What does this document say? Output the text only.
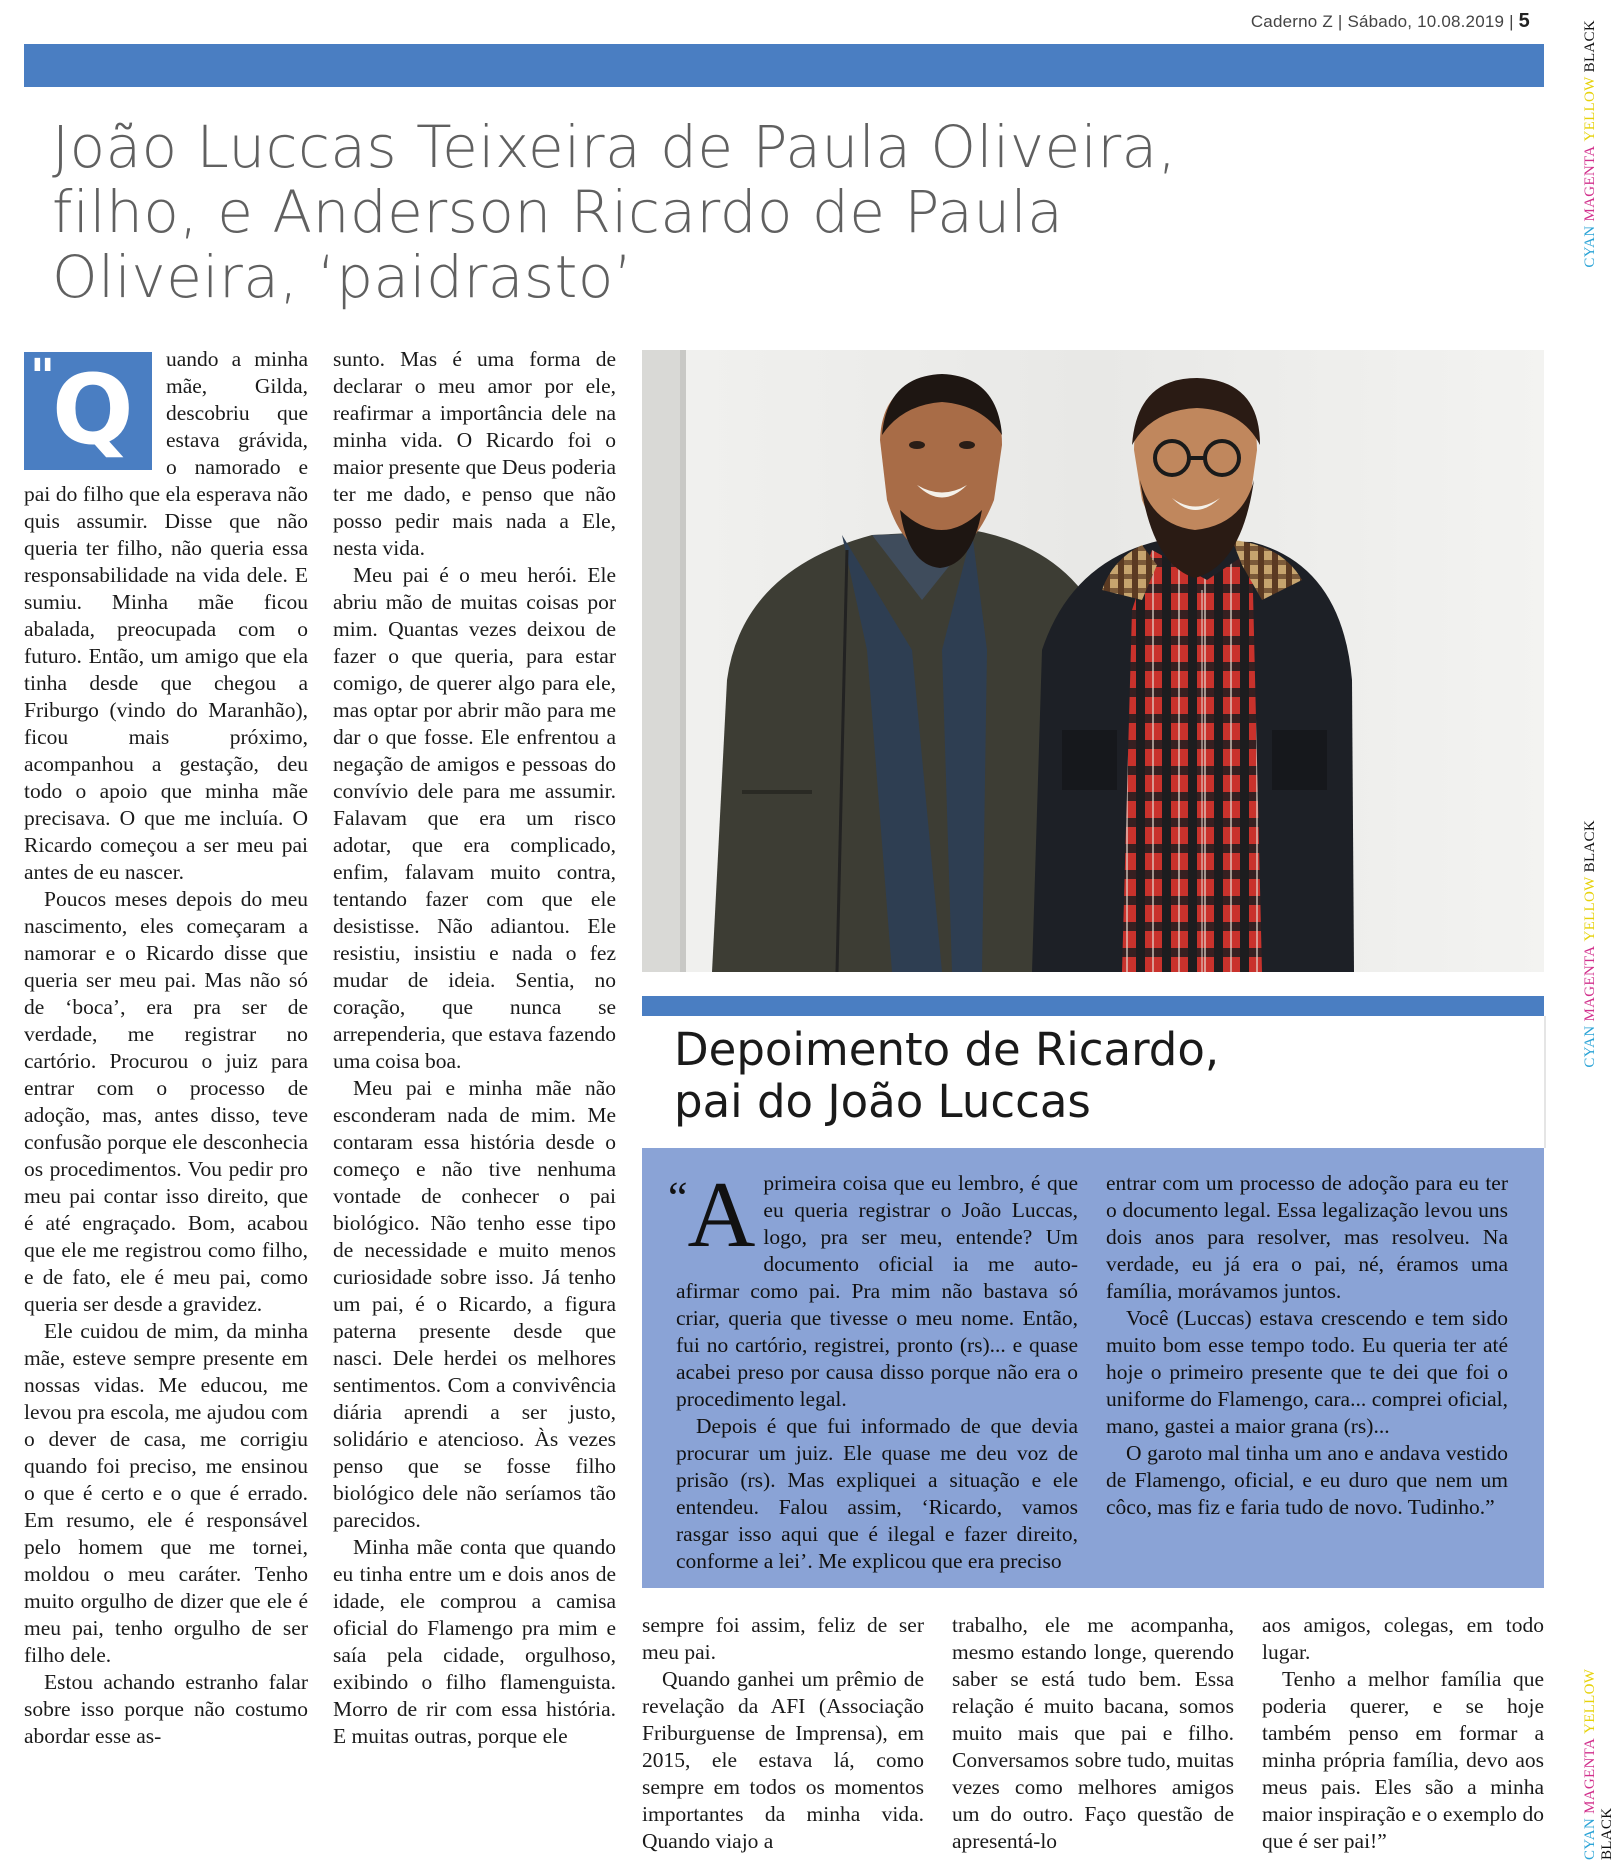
Caderno Z | Sábado, 10.08.2019 | 5
CYAN MAGENTA YELLOW BLACK
CYAN MAGENTA YELLOW BLACK
CYAN MAGENTA YELLOW BLACK
João Luccas Teixeira de Paula Oliveira, filho, e Anderson Ricardo de Paula Oliveira, ‘paidrasto’
"
Q	uando a minha mãe, Gilda, descobriu que estava grávida, o namorado e pai do filho que ela esperava não quis assumir. Disse que não queria ter filho, não queria essa responsabilidade na vida dele. E sumiu. Minha mãe ficou abalada, preocupada com o futuro. Então, um amigo que ela tinha desde que chegou a Friburgo (vindo do Maranhão), ficou mais próximo, acompanhou a gestação, deu todo o apoio que minha mãe precisava. O que me incluía. O Ricardo começou a ser meu pai antes de eu nascer.

Poucos meses depois do meu nascimento, eles começaram a namorar e o Ricardo disse que queria ser meu pai. Mas não só de ‘boca’, era pra ser de verdade, me registrar no cartório. Procurou o juiz para entrar com o processo de adoção, mas, antes disso, teve confusão porque ele desconhecia os procedimentos. Vou pedir pro meu pai contar isso direito, que é até engraçado. Bom, acabou que ele me registrou como filho, e de fato, ele é meu pai, como queria ser desde a gravidez.

Ele cuidou de mim, da minha mãe, esteve sempre presente em nossas vidas. Me educou, me levou pra escola, me ajudou com o dever de casa, me corrigiu quando foi preciso, me ensinou o que é certo e o que é errado. Em resumo, ele é responsável pelo homem que me tornei, moldou o meu caráter. Tenho muito orgulho de dizer que ele é meu pai, tenho orgulho de ser filho dele.

Estou achando estranho falar sobre isso porque não costumo abordar esse as-

sunto. Mas é uma forma de declarar o meu amor por ele, reafirmar a importância dele na minha vida. O Ricardo foi o maior presente que Deus poderia ter me dado, e penso que não posso pedir mais nada a Ele, nesta vida.

Meu pai é o meu herói. Ele abriu mão de muitas coisas por mim. Quantas vezes deixou de fazer o que queria, para estar comigo, de querer algo para ele, mas optar por abrir mão para me dar o que fosse. Ele enfrentou a negação de amigos e pessoas do convívio dele para me assumir. Falavam que era um risco adotar, que era complicado, enfim, falavam muito contra, tentando fazer com que ele desistisse. Não adiantou. Ele resistiu, insistiu e nada o fez mudar de ideia. Sentia, no coração, que nunca se arrependeria, que estava fazendo uma coisa boa.

Meu pai e minha mãe não esconderam nada de mim. Me contaram essa história desde o começo e não tive nenhuma vontade de conhecer o pai biológico. Não tenho esse tipo de necessidade e muito menos curiosidade sobre isso. Já tenho um pai, é o Ricardo, a figura paterna presente desde que nasci. Dele herdei os melhores sentimentos. Com a convivência diária aprendi a ser justo, solidário e atencioso. Às vezes penso que se fosse filho biológico dele não seríamos tão parecidos.

Minha mãe conta que quando eu tinha entre um e dois anos de idade, ele comprou a camisa oficial do Flamengo pra mim e saía pela cidade, orgulhoso, exibindo o filho flamenguista. Morro de rir com essa história. E muitas outras, porque ele

Depoimento de Ricardo,
pai do João Luccas
“A primeira coisa que eu lembro, é que eu queria registrar o João Luccas, logo, pra ser meu, entende? Um documento oficial ia me auto-afirmar como pai. Pra mim não bastava só criar, queria que tivesse o meu nome. Então, fui no cartório, registrei, pronto (rs)... e quase acabei preso por causa disso porque não era o procedimento legal.

Depois é que fui informado de que devia procurar um juiz. Ele quase me deu voz de prisão (rs). Mas expliquei a situação e ele entendeu. Falou assim, ‘Ricardo, vamos rasgar isso aqui que é ilegal e fazer direito, conforme a lei’. Me explicou que era preciso

entrar com um processo de adoção para eu ter o documento legal. Essa legalização levou uns dois anos para resolver, mas resolveu. Na verdade, eu já era o pai, né, éramos uma família, morávamos juntos.

Você (Luccas) estava crescendo e tem sido muito bom esse tempo todo. Eu queria ter até hoje o primeiro presente que te dei que foi o uniforme do Flamengo, cara... comprei oficial, mano, gastei a maior grana (rs)...

O garoto mal tinha um ano e andava vestido de Flamengo, oficial, e eu duro que nem um côco, mas fiz e faria tudo de novo. Tudinho.”

sempre foi assim, feliz de ser meu pai.

Quando ganhei um prêmio de revelação da AFI (Associação Friburguense de Imprensa), em 2015, ele estava lá, como sempre em todos os momentos importantes da minha vida. Quando viajo a

trabalho, ele me acompanha, mesmo estando longe, querendo saber se está tudo bem. Essa relação é muito bacana, somos muito mais que pai e filho. Conversamos sobre tudo, muitas vezes como melhores amigos um do outro. Faço questão de apresentá-lo

aos amigos, colegas, em todo lugar.

Tenho a melhor família que poderia querer, e se hoje também penso em formar a minha própria família, devo aos meus pais. Eles são a minha maior inspiração e o exemplo do que é ser pai!”
